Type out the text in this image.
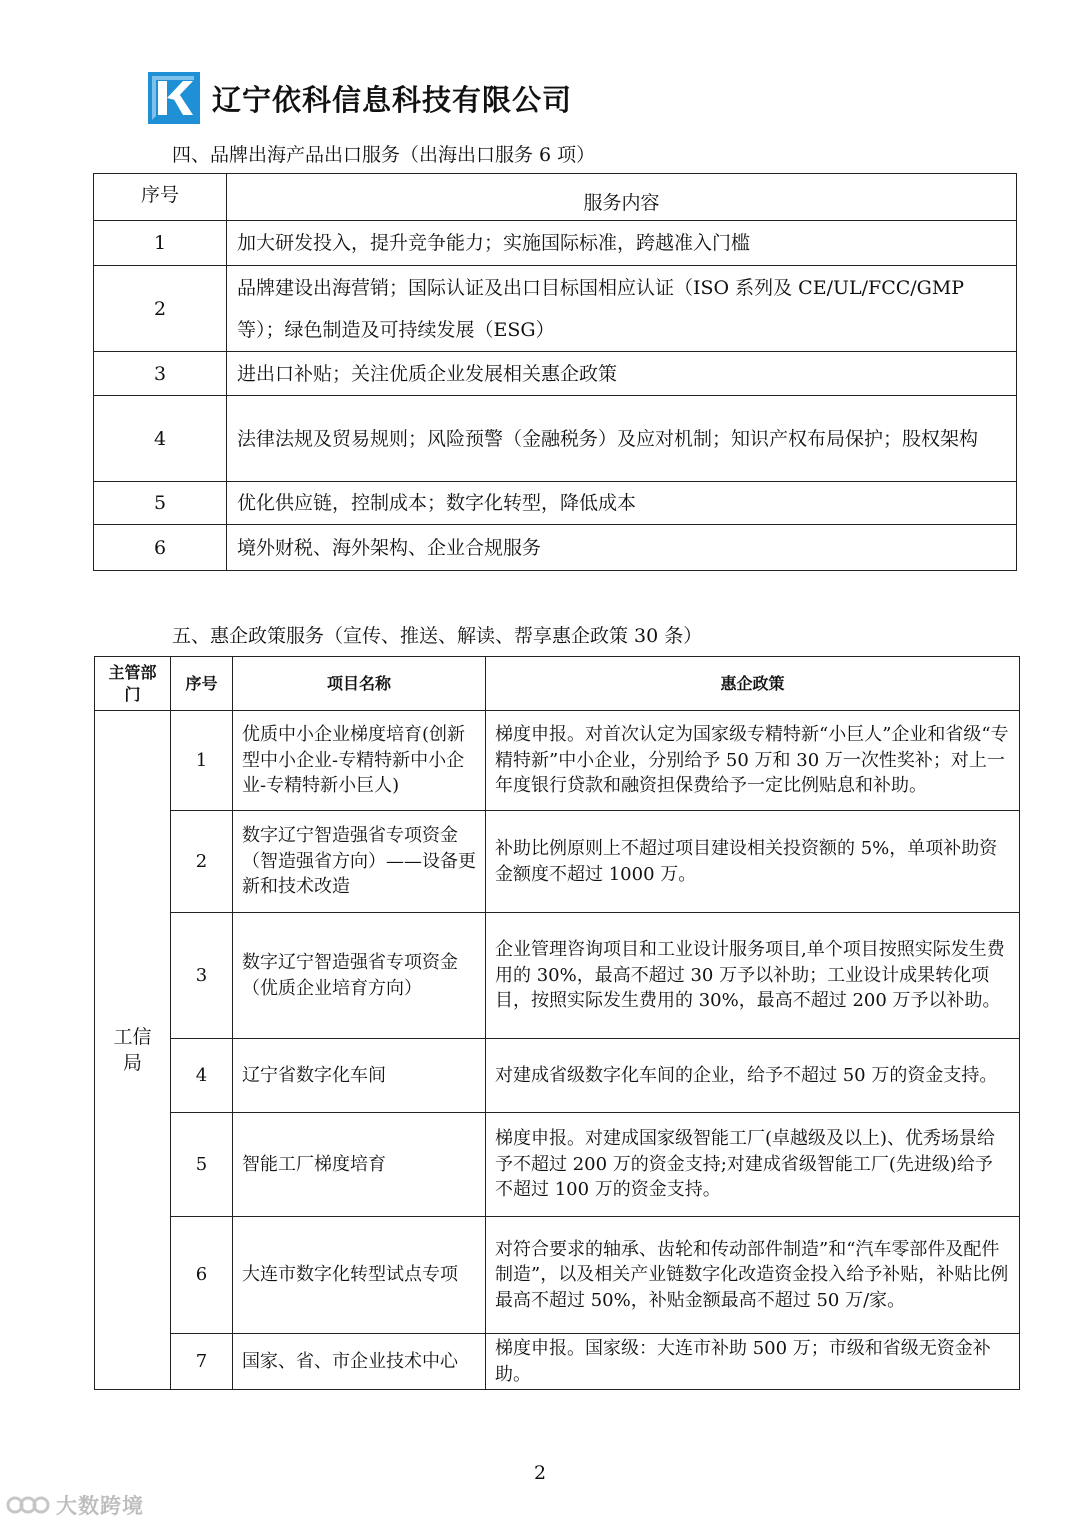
辽宁依科信息科技有限公司
四、品牌出海产品出口服务（出海出口服务 6 项）
序号	服务内容
1	加大研发投入，提升竞争能力；实施国际标准，跨越准入门槛
2	品牌建设出海营销；国际认证及出口目标国相应认证（ISO 系列及 CE/UL/FCC/GMP 等）；绿色制造及可持续发展（ESG）
3	进出口补贴；关注优质企业发展相关惠企政策
4	法律法规及贸易规则；风险预警（金融税务）及应对机制；知识产权布局保护；股权架构
5	优化供应链，控制成本；数字化转型，降低成本
6	境外财税、海外架构、企业合规服务
五、惠企政策服务（宣传、推送、解读、帮享惠企政策 30 条）
主管部门	序号	项目名称	惠企政策
工信局	1	优质中小企业梯度培育(创新型中小企业-专精特新中小企业-专精特新小巨人)	梯度申报。对首次认定为国家级专精特新“小巨人”企业和省级“专精特新”中小企业，分别给予 50 万和 30 万一次性奖补；对上一年度银行贷款和融资担保费给予一定比例贴息和补助。
	2	数字辽宁智造强省专项资金（智造强省方向）——设备更新和技术改造	补助比例原则上不超过项目建设相关投资额的 5%，单项补助资金额度不超过 1000 万。
	3	数字辽宁智造强省专项资金（优质企业培育方向）	企业管理咨询项目和工业设计服务项目,单个项目按照实际发生费用的 30%，最高不超过 30 万予以补助；工业设计成果转化项目，按照实际发生费用的 30%，最高不超过 200 万予以补助。
	4	辽宁省数字化车间	对建成省级数字化车间的企业，给予不超过 50 万的资金支持。
	5	智能工厂梯度培育	梯度申报。对建成国家级智能工厂(卓越级及以上)、优秀场景给予不超过 200 万的资金支持;对建成省级智能工厂(先进级)给予不超过 100 万的资金支持。
	6	大连市数字化转型试点专项	对符合要求的轴承、齿轮和传动部件制造”和“汽车零部件及配件制造”，以及相关产业链数字化改造资金投入给予补贴，补贴比例最高不超过 50%，补贴金额最高不超过 50 万/家。
	7	国家、省、市企业技术中心	梯度申报。国家级：大连市补助 500 万；市级和省级无资金补助。
2
大数跨境
